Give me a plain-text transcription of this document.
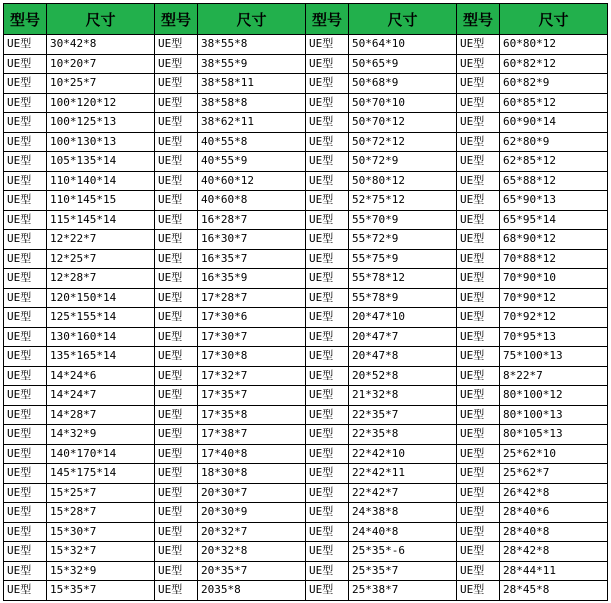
型号	尺寸	型号	尺寸	型号	尺寸	型号	尺寸
UE型	30*42*8	UE型	38*55*8	UE型	50*64*10	UE型	60*80*12
UE型	10*20*7	UE型	38*55*9	UE型	50*65*9	UE型	60*82*12
UE型	10*25*7	UE型	38*58*11	UE型	50*68*9	UE型	60*82*9
UE型	100*120*12	UE型	38*58*8	UE型	50*70*10	UE型	60*85*12
UE型	100*125*13	UE型	38*62*11	UE型	50*70*12	UE型	60*90*14
UE型	100*130*13	UE型	40*55*8	UE型	50*72*12	UE型	62*80*9
UE型	105*135*14	UE型	40*55*9	UE型	50*72*9	UE型	62*85*12
UE型	110*140*14	UE型	40*60*12	UE型	50*80*12	UE型	65*88*12
UE型	110*145*15	UE型	40*60*8	UE型	52*75*12	UE型	65*90*13
UE型	115*145*14	UE型	16*28*7	UE型	55*70*9	UE型	65*95*14
UE型	12*22*7	UE型	16*30*7	UE型	55*72*9	UE型	68*90*12
UE型	12*25*7	UE型	16*35*7	UE型	55*75*9	UE型	70*88*12
UE型	12*28*7	UE型	16*35*9	UE型	55*78*12	UE型	70*90*10
UE型	120*150*14	UE型	17*28*7	UE型	55*78*9	UE型	70*90*12
UE型	125*155*14	UE型	17*30*6	UE型	20*47*10	UE型	70*92*12
UE型	130*160*14	UE型	17*30*7	UE型	20*47*7	UE型	70*95*13
UE型	135*165*14	UE型	17*30*8	UE型	20*47*8	UE型	75*100*13
UE型	14*24*6	UE型	17*32*7	UE型	20*52*8	UE型	8*22*7
UE型	14*24*7	UE型	17*35*7	UE型	21*32*8	UE型	80*100*12
UE型	14*28*7	UE型	17*35*8	UE型	22*35*7	UE型	80*100*13
UE型	14*32*9	UE型	17*38*7	UE型	22*35*8	UE型	80*105*13
UE型	140*170*14	UE型	17*40*8	UE型	22*42*10	UE型	25*62*10
UE型	145*175*14	UE型	18*30*8	UE型	22*42*11	UE型	25*62*7
UE型	15*25*7	UE型	20*30*7	UE型	22*42*7	UE型	26*42*8
UE型	15*28*7	UE型	20*30*9	UE型	24*38*8	UE型	28*40*6
UE型	15*30*7	UE型	20*32*7	UE型	24*40*8	UE型	28*40*8
UE型	15*32*7	UE型	20*32*8	UE型	25*35*-6	UE型	28*42*8
UE型	15*32*9	UE型	20*35*7	UE型	25*35*7	UE型	28*44*11
UE型	15*35*7	UE型	2035*8	UE型	25*38*7	UE型	28*45*8
